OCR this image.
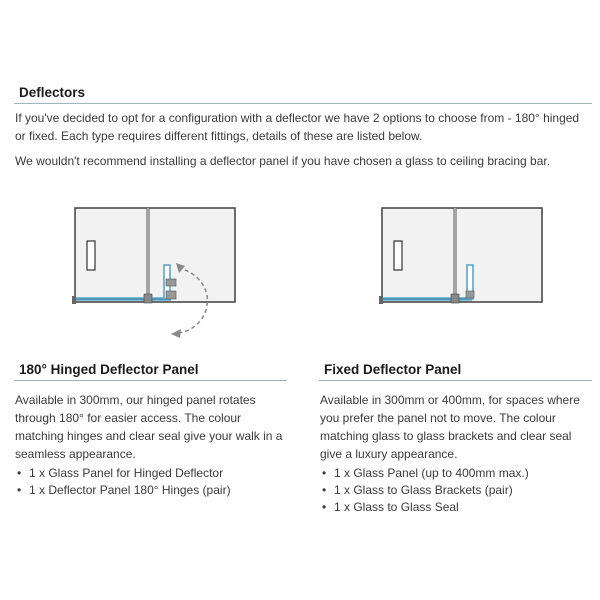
Deflectors

If you've decided to opt for a configuration with a deflector we have 2 options to choose from - 180° hinged or fixed. Each type requires different fittings, details of these are listed below.

We wouldn't recommend installing a deflector panel if you have chosen a glass to ceiling bracing bar.

180° Hinged Deflector Panel

Available in 300mm, our hinged panel rotates through 180° for easier access. The colour matching hinges and clear seal give your walk in a seamless appearance.

• 1 x Glass Panel for Hinged Deflector
• 1 x Deflector Panel 180° Hinges (pair)
Fixed Deflector Panel

Available in 300mm or 400mm, for spaces where you prefer the panel not to move. The colour matching glass to glass brackets and clear seal give a luxury appearance.

• 1 x Glass Panel (up to 400mm max.)
• 1 x Glass to Glass Brackets (pair)
• 1 x Glass to Glass Seal
